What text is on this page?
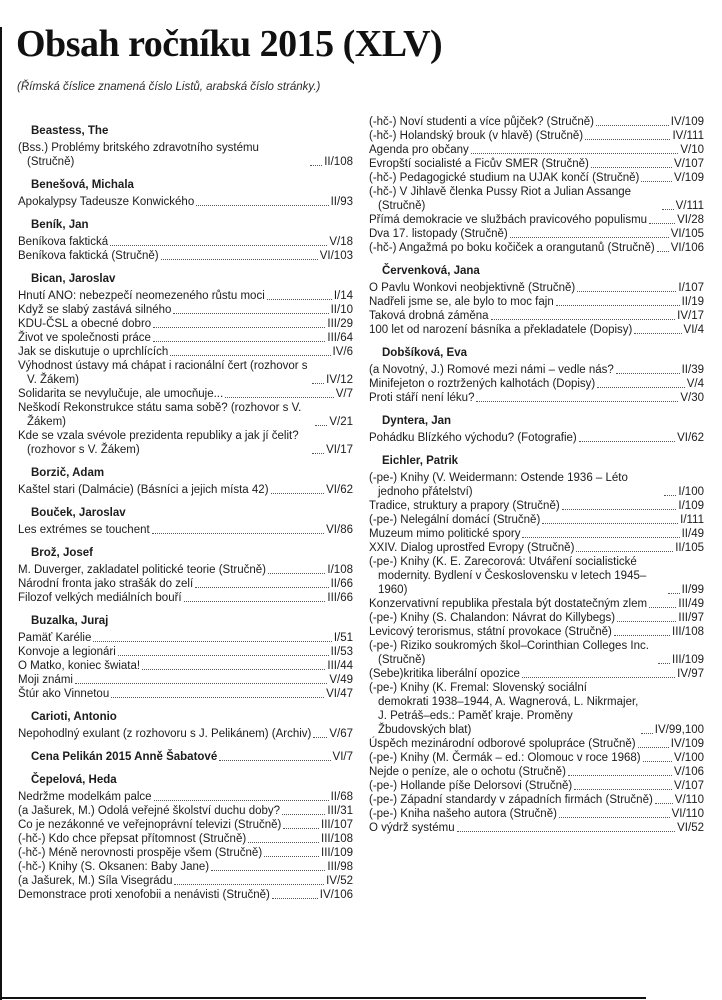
Obsah ročníku 2015 (XLV)

(Římská číslice znamená číslo Listů, arabská číslo stránky.)

Beastess, The
(Bss.) Problémy britského zdravotního systému (Stručně)	II/108
Benešová, Michala
Apokalypsy Tadeusze Konwického	II/93
Beník, Jan
Beníkova faktická	V/18
Beníkova faktická (Stručně)	VI/103
Bican, Jaroslav
Hnutí ANO: nebezpečí neomezeného růstu moci	I/14
Když se slabý zastává silného	II/10
KDU-ČSL a obecné dobro	III/29
Život ve společnosti práce	III/64
Jak se diskutuje o uprchlících	IV/6
Výhodnost ústavy má chápat i racionální čert (rozhovor s V. Žákem)	IV/12
Solidarita se nevylučuje, ale umocňuje...	V/7
Neškodí Rekonstrukce státu sama sobě? (rozhovor s V. Žákem)	V/21
Kde se vzala svévole prezidenta republiky a jak jí čelit? (rozhovor s V. Žákem)	VI/17
Borzič, Adam
Kaštel stari (Dalmácie) (Básníci a jejich místa 42)	VI/62
Bouček, Jaroslav
Les extrémes se touchent	VI/86
Brož, Josef
M. Duverger, zakladatel politické teorie (Stručně)	I/108
Národní fronta jako strašák do zelí	II/66
Filozof velkých mediálních bouří	III/66
Buzalka, Juraj
Pamäť Karélie	I/51
Konvoje a legionári	II/53
O Matko, koniec šwiata!	III/44
Moji známi	V/49
Štúr ako Vinnetou	VI/47
Carioti, Antonio
Nepohodlný exulant (z rozhovoru s J. Pelikánem) (Archiv) V/67
Cena Pelikán 2015 Anně Šabatové	VI/7
Čepelová, Heda
Nedržme modelkám palce	II/68
(a Jašurek, M.) Odolá veřejné školství duchu doby?	III/31
Co je nezákonné ve veřejnoprávní televizi (Stručně)	III/107
(-hč-) Kdo chce přepsat přítomnost (Stručně)	III/108
(-hč-) Méně nerovnosti prospěje všem (Stručně)	III/109
(-hč-) Knihy (S. Oksanen: Baby Jane)	III/98
(a Jašurek, M.) Síla Visegrádu	IV/52
Demonstrace proti xenofobii a nenávisti (Stručně)	IV/106
(-hč-) Noví studenti a více půjček? (Stručně)	IV/109
(-hč-) Holandský brouk (v hlavě) (Stručně)	IV/111
Agenda pro občany	V/10
Evropští socialisté a Ficův SMER (Stručně)	V/107
(-hč-) Pedagogické studium na UJAK končí (Stručně)	V/109
(-hč-) V Jihlavě členka Pussy Riot a Julian Assange (Stručně)	V/111
Přímá demokracie ve službách pravicového populismu	VI/28
Dva 17. listopady (Stručně)	VI/105
(-hč-) Angažmá po boku kočiček a orangutanů (Stručně) VI/106
Červenková, Jana
O Pavlu Wonkovi neobjektivně (Stručně)	I/107
Nadřeli jsme se, ale bylo to moc fajn	II/19
Taková drobná záměna	IV/17
100 let od narození básníka a překladatele (Dopisy)	VI/4
Dobšíková, Eva
(a Novotný, J.) Romové mezi námi – vedle nás?	II/39
Minifejeton o roztržených kalhotách (Dopisy)	V/4
Proti stáří není léku?	V/30
Dyntera, Jan
Pohádku Blízkého východu? (Fotografie)	VI/62
Eichler, Patrik
(-pe-) Knihy (V. Weidermann: Ostende 1936 – Léto jednoho přátelství)	I/100
Tradice, struktury a prapory (Stručně)	I/109
(-pe-) Nelegální domácí (Stručně)	I/111
Muzeum mimo politické spory	II/49
XXIV. Dialog uprostřed Evropy (Stručně)	II/105
(-pe-) Knihy (K. E. Zarecorová: Utváření socialistické modernity. Bydlení v Československu v letech 1945–1960)	II/99
Konzervativní republika přestala být dostatečným zlem	III/49
(-pe-) Knihy (S. Chalandon: Návrat do Killybegs)	III/97
Levicový terorismus, státní provokace (Stručně)	III/108
(-pe-) Riziko soukromých škol–Corinthian Colleges Inc. (Stručně)	III/109
(Sebe)kritika liberální opozice	IV/97
(-pe-) Knihy (K. Fremal: Slovenský sociální demokrati 1938–1944, A. Wagnerová, L. Nikrmajer, J. Petráš–eds.: Paměť kraje. Proměny Žbudovských blat)	IV/99,100
Úspěch mezinárodní odborové spolupráce (Stručně)	IV/109
(-pe-) Knihy (M. Čermák – ed.: Olomouc v roce 1968)	V/100
Nejde o peníze, ale o ochotu (Stručně)	V/106
(-pe-) Hollande píše Delorsovi (Stručně)	V/107
(-pe-) Západní standardy v západních firmách (Stručně) V/110
(-pe-) Kniha našeho autora (Stručně)	VI/110
O výdrž systému	VI/52
